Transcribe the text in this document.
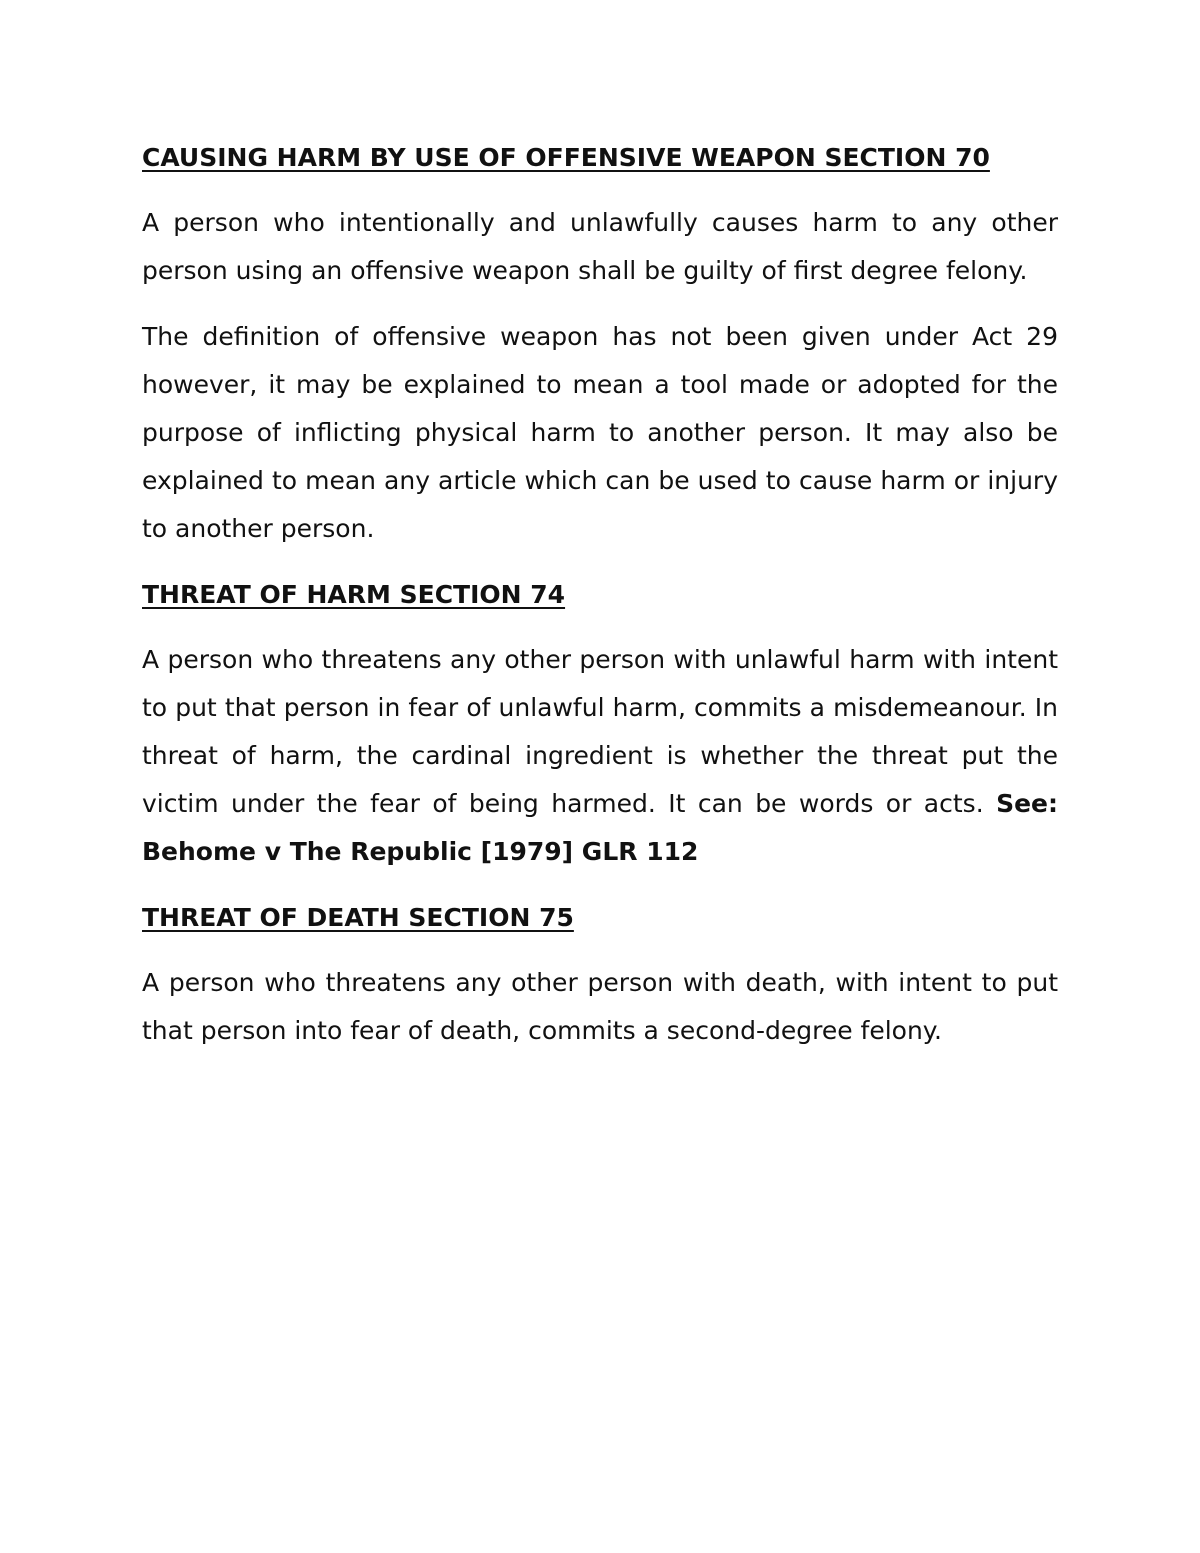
CAUSING HARM BY USE OF OFFENSIVE WEAPON SECTION 70

A person who intentionally and unlawfully causes harm to any other person using an offensive weapon shall be guilty of first degree felony.

The definition of offensive weapon has not been given under Act 29 however, it may be explained to mean a tool made or adopted for the purpose of inflicting physical harm to another person. It may also be explained to mean any article which can be used to cause harm or injury to another person.

THREAT OF HARM SECTION 74

A person who threatens any other person with unlawful harm with intent to put that person in fear of unlawful harm, commits a misdemeanour. In threat of harm, the cardinal ingredient is whether the threat put the victim under the fear of being harmed. It can be words or acts. See: Behome v The Republic [1979] GLR 112

THREAT OF DEATH SECTION 75

A person who threatens any other person with death, with intent to put that person into fear of death, commits a second-degree felony.
